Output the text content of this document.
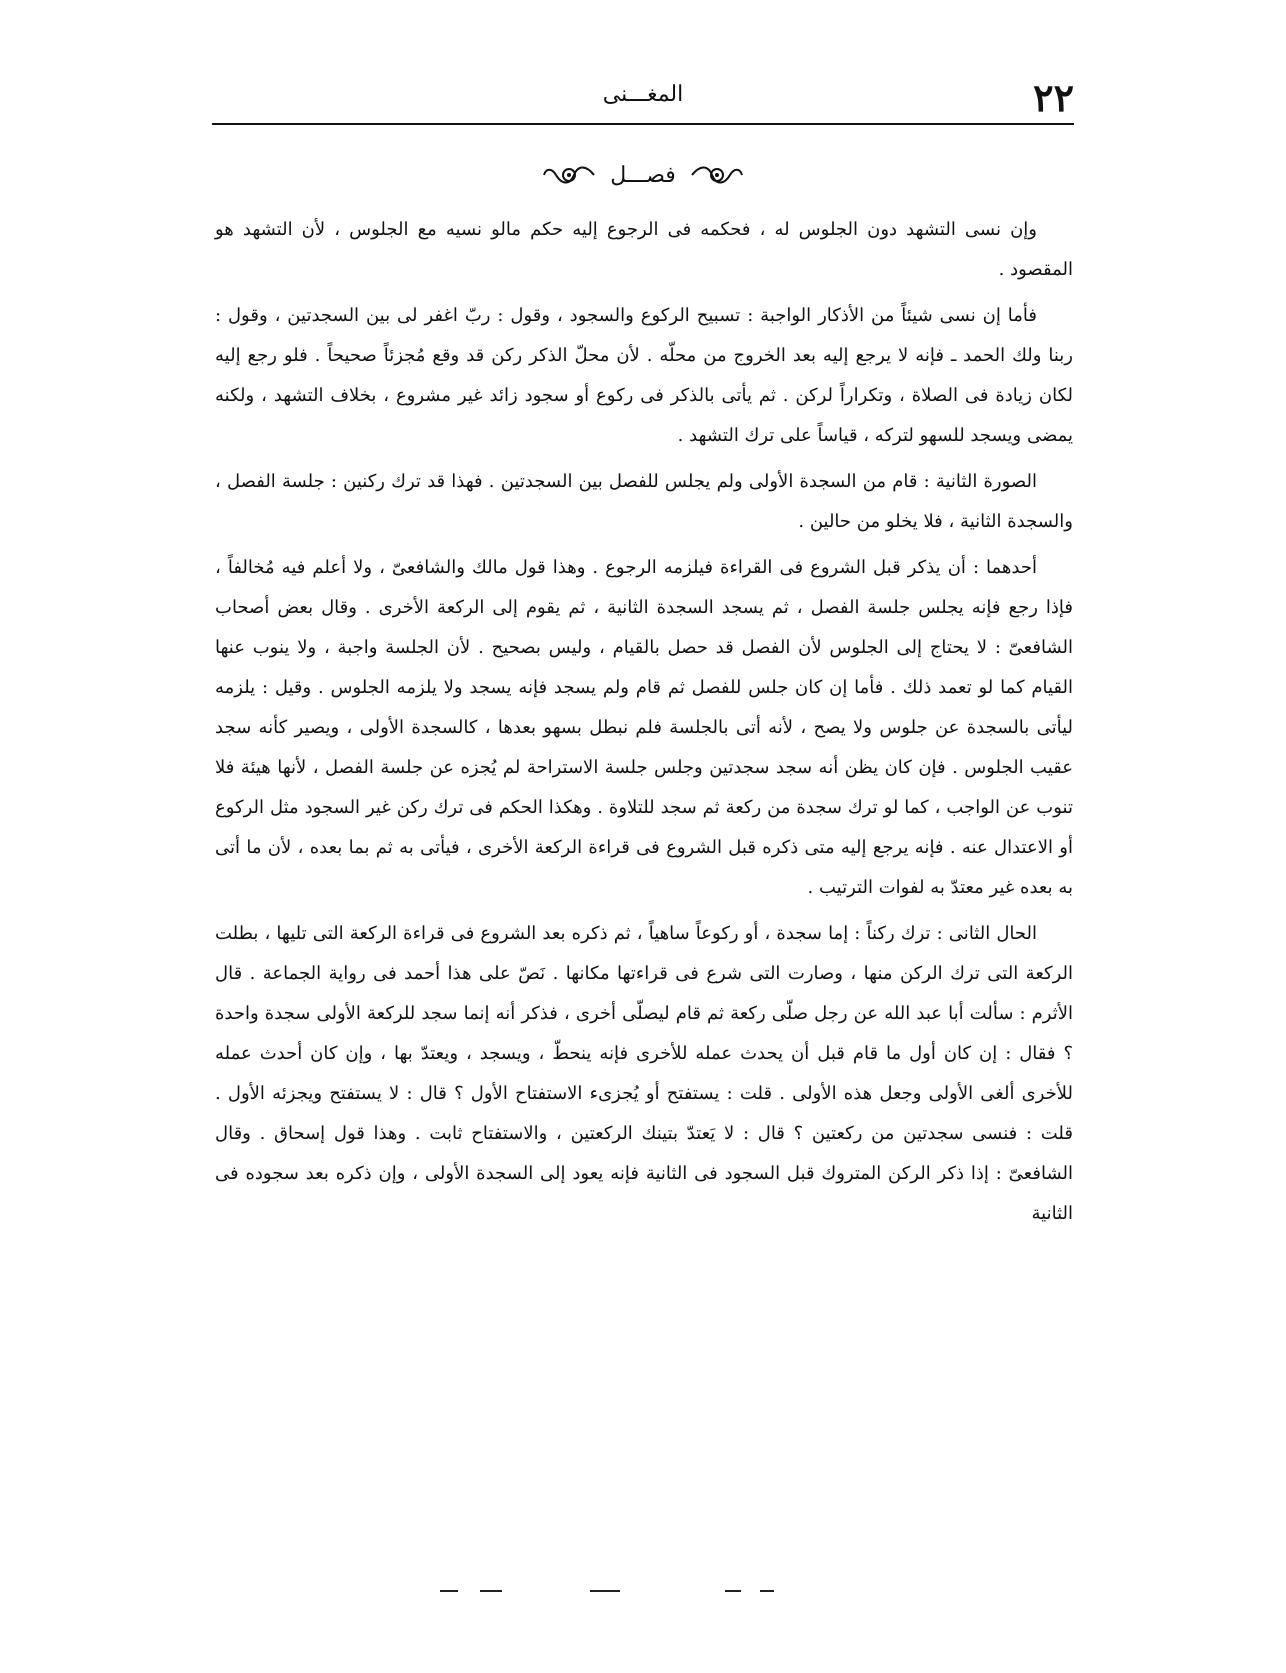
٢٢
المغـــنى
فصـــل

وإن نسى التشهد دون الجلوس له ، فحكمه فى الرجوع إليه حكم مالو نسيه مع الجلوس ، لأن التشهد هو المقصود .

فأما إن نسى شيئاً من الأذكار الواجبة : تسبيح الركوع والسجود ، وقول : ربّ اغفر لى بين السجدتين ، وقول : ربنا ولك الحمد ـ فإنه لا يرجع إليه بعد الخروج من محلّه . لأن محلّ الذكر ركن قد وقع مُجزئاً صحيحاً . فلو رجع إليه لكان زيادة فى الصلاة ، وتكراراً لركن . ثم يأتى بالذكر فى ركوع أو سجود زائد غير مشروع ، بخلاف التشهد ، ولكنه يمضى ويسجد للسهو لتركه ، قياساً على ترك التشهد .

الصورة الثانية : قام من السجدة الأولى ولم يجلس للفصل بين السجدتين . فهذا قد ترك ركنين : جلسة الفصل ، والسجدة الثانية ، فلا يخلو من حالين .

أحدهما : أن يذكر قبل الشروع فى القراءة فيلزمه الرجوع . وهذا قول مالك والشافعىّ ، ولا أعلم فيه مُخالفاً ، فإذا رجع فإنه يجلس جلسة الفصل ، ثم يسجد السجدة الثانية ، ثم يقوم إلى الركعة الأخرى . وقال بعض أصحاب الشافعىّ : لا يحتاج إلى الجلوس لأن الفصل قد حصل بالقيام ، وليس بصحيح . لأن الجلسة واجبة ، ولا ينوب عنها القيام كما لو تعمد ذلك . فأما إن كان جلس للفصل ثم قام ولم يسجد فإنه يسجد ولا يلزمه الجلوس . وقيل : يلزمه ليأتى بالسجدة عن جلوس ولا يصح ، لأنه أتى بالجلسة فلم نبطل بسهو بعدها ، كالسجدة الأولى ، ويصير كأنه سجد عقيب الجلوس . فإن كان يظن أنه سجد سجدتين وجلس جلسة الاستراحة لم يُجزه عن جلسة الفصل ، لأنها هيئة فلا تنوب عن الواجب ، كما لو ترك سجدة من ركعة ثم سجد للتلاوة . وهكذا الحكم فى ترك ركن غير السجود مثل الركوع أو الاعتدال عنه . فإنه يرجع إليه متى ذكره قبل الشروع فى قراءة الركعة الأخرى ، فيأتى به ثم بما بعده ، لأن ما أتى به بعده غير معتدّ به لفوات الترتيب .

الحال الثانى : ترك ركناً : إما سجدة ، أو ركوعاً ساهياً ، ثم ذكره بعد الشروع فى قراءة الركعة التى تليها ، بطلت الركعة التى ترك الركن منها ، وصارت التى شرع فى قراءتها مكانها . نَصّ على هذا أحمد فى رواية الجماعة . قال الأثرم : سألت أبا عبد الله عن رجل صلّى ركعة ثم قام ليصلّى أخرى ، فذكر أنه إنما سجد للركعة الأولى سجدة واحدة ؟ فقال : إن كان أول ما قام قبل أن يحدث عمله للأخرى فإنه ينحطّ ، ويسجد ، ويعتدّ بها ، وإن كان أحدث عمله للأخرى ألغى الأولى وجعل هذه الأولى . قلت : يستفتح أو يُجزىء الاستفتاح الأول ؟ قال : لا يستفتح ويجزئه الأول . قلت : فنسى سجدتين من ركعتين ؟ قال : لا يَعتدّ بتينك الركعتين ، والاستفتاح ثابت . وهذا قول إسحاق . وقال الشافعىّ : إذا ذكر الركن المتروك قبل السجود فى الثانية فإنه يعود إلى السجدة الأولى ، وإن ذكره بعد سجوده فى الثانية
